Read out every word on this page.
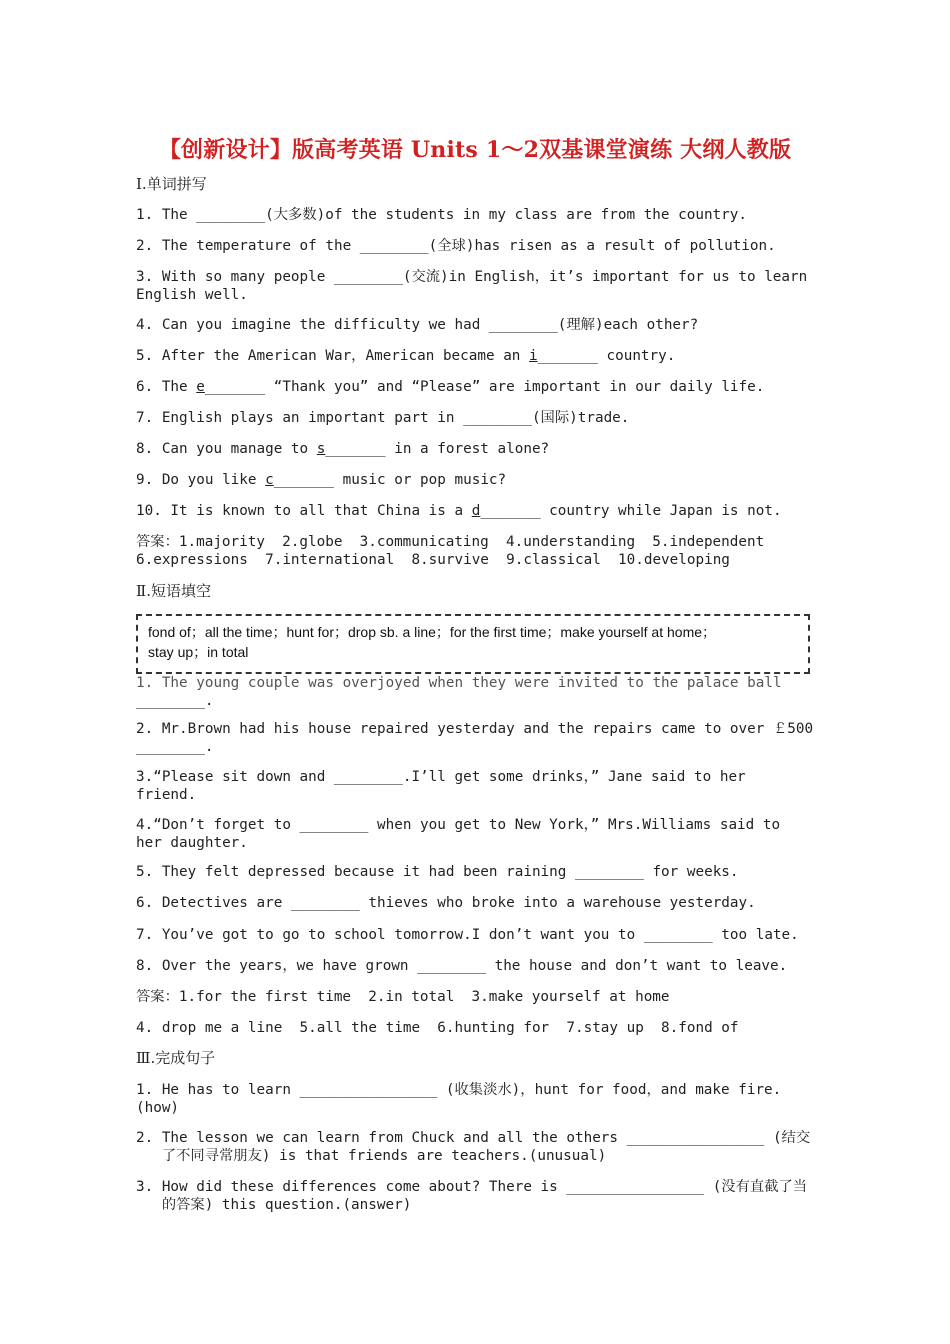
【创新设计】版高考英语 Units 1～2双基课堂演练 大纲人教版
Ⅰ.单词拼写
1. The ________(大多数)of the students in my class are from the country.
2. The temperature of the ________(全球)has risen as a result of pollution.
3. With so many people ________(交流)in English，it’s important for us to learn
English well.
4. Can you imagine the difficulty we had ________(理解)each other?
5. After the American War，American became an i_______ country.
6. The e_______ “Thank you” and “Please” are important in our daily life.
7. English plays an important part in ________(国际)trade.
8. Can you manage to s_______ in a forest alone?
9. Do you like c_______ music or pop music?
10. It is known to all that China is a d_______ country while Japan is not.
答案：1.majority  2.globe  3.communicating  4.understanding  5.independent
6.expressions  7.international  8.survive  9.classical  10.developing
Ⅱ.短语填空
fond of；all the time；hunt for；drop sb. a line；for the first time；make yourself at home；
stay up；in total
1. The young couple was overjoyed when they were invited to the palace ball
________.
2. Mr.Brown had his house repaired yesterday and the repairs came to over ￡500
________.
3.“Please sit down and ________.I’ll get some drinks，” Jane said to her
friend.
4.“Don’t forget to ________ when you get to New York，” Mrs.Williams said to
her daughter.
5. They felt depressed because it had been raining ________ for weeks.
6. Detectives are ________ thieves who broke into a warehouse yesterday.
7. You’ve got to go to school tomorrow.I don’t want you to ________ too late.
8. Over the years，we have grown ________ the house and don’t want to leave.
答案：1.for the first time  2.in total  3.make yourself at home
4. drop me a line  5.all the time  6.hunting for  7.stay up  8.fond of
Ⅲ.完成句子
1. He has to learn ________________ (收集淡水)，hunt for food，and make fire.
(how)
2. The lesson we can learn from Chuck and all the others ________________ (结交
了不同寻常朋友) is that friends are teachers.(unusual)
3. How did these differences come about? There is ________________ (没有直截了当
的答案) this question.(answer)
